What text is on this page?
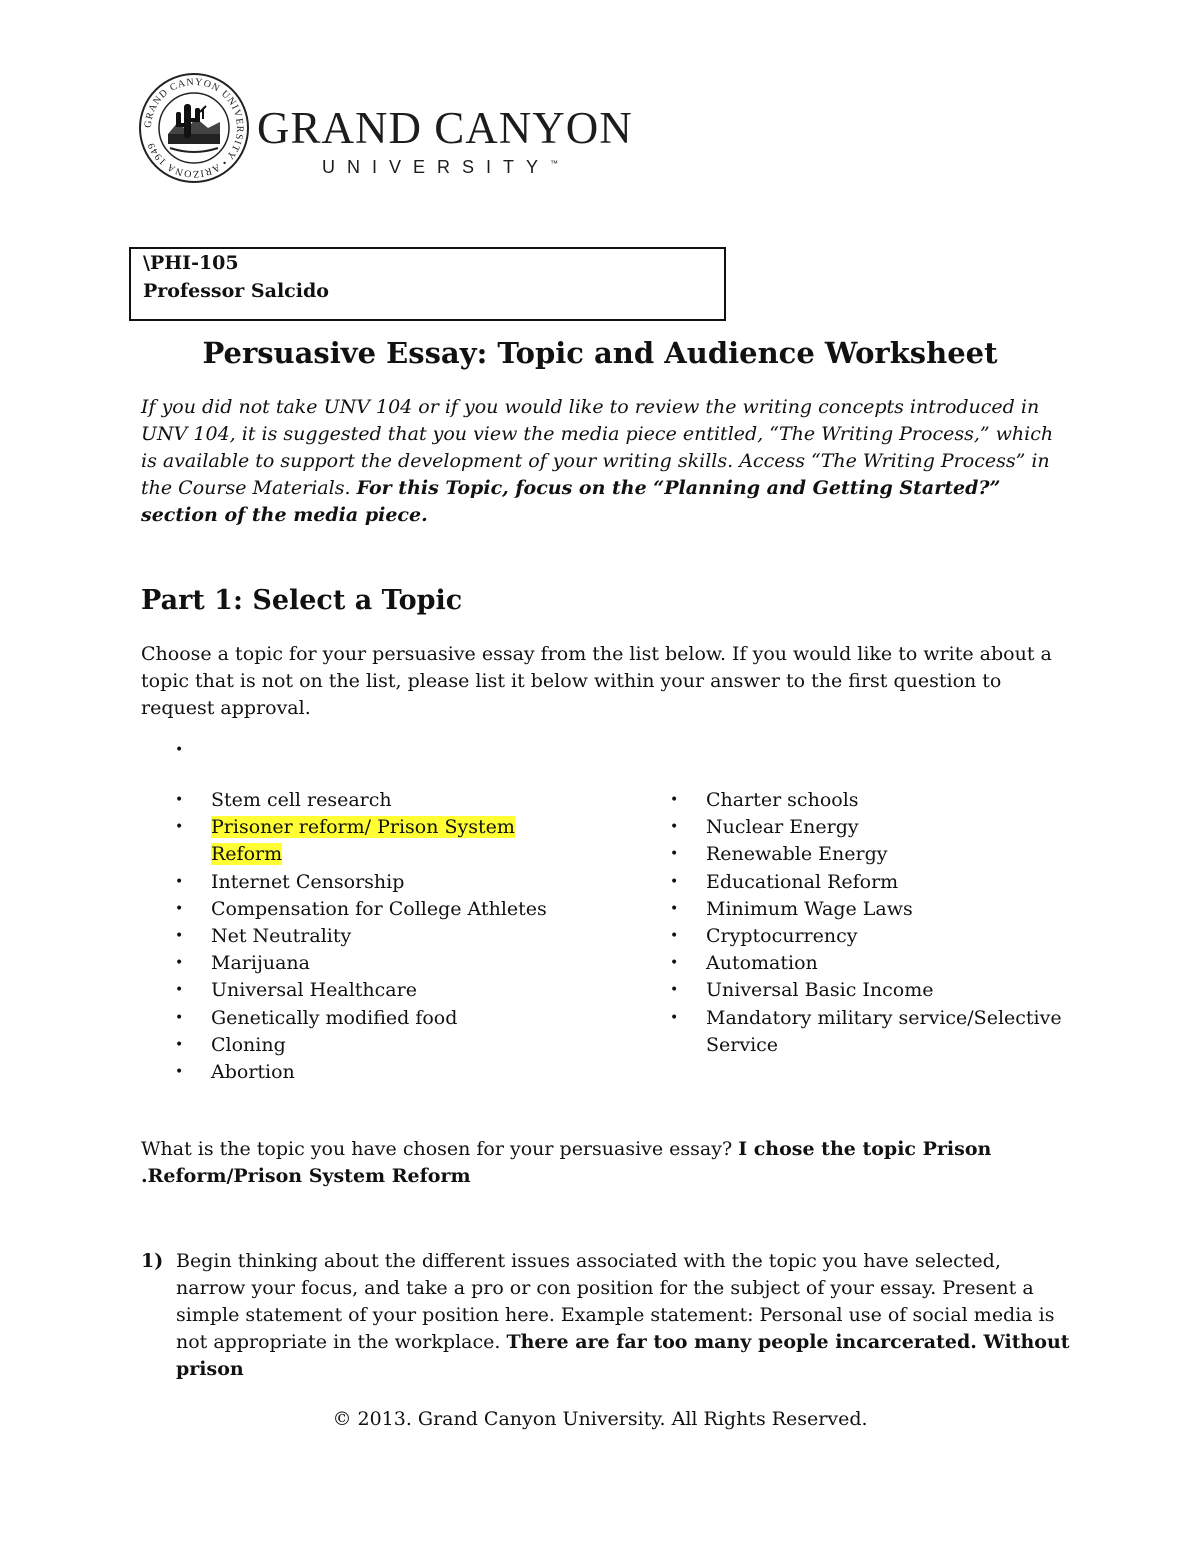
GRAND CANYON UNIVERSITY • ARIZONA 1949	GRAND CANYON
UNIVERSITY™
\PHI-105
Professor Salcido
Persuasive Essay: Topic and Audience Worksheet
If you did not take UNV 104 or if you would like to review the writing concepts introduced in UNV 104, it is suggested that you view the media piece entitled, “The Writing Process,” which is available to support the development of your writing skills. Access “The Writing Process” in the Course Materials. For this Topic, focus on the “Planning and Getting Started?” section of the media piece.
Part 1: Select a Topic
Choose a topic for your persuasive essay from the list below. If you would like to write about a topic that is not on the list, please list it below within your answer to the first question to request approval.
•
• Stem cell research
• Prisoner reform/ Prison System Reform
• Internet Censorship
• Compensation for College Athletes
• Net Neutrality
• Marijuana
• Universal Healthcare
• Genetically modified food
• Cloning
• Abortion
• Charter schools
• Nuclear Energy
• Renewable Energy
• Educational Reform
• Minimum Wage Laws
• Cryptocurrency
• Automation
• Universal Basic Income
• Mandatory military service/Selective Service
What is the topic you have chosen for your persuasive essay? I chose the topic Prison .Reform/Prison System Reform
1) Begin thinking about the different issues associated with the topic you have selected, narrow your focus, and take a pro or con position for the subject of your essay. Present a simple statement of your position here. Example statement: Personal use of social media is not appropriate in the workplace. There are far too many people incarcerated. Without prison
© 2013. Grand Canyon University. All Rights Reserved.
